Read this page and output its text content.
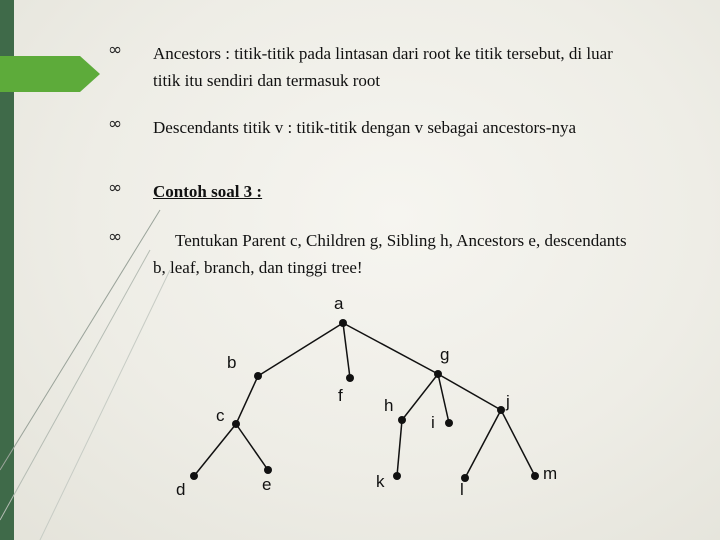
∞ Ancestors : titik-titik pada lintasan dari root ke titik tersebut, di luar
titik itu sendiri dan termasuk root
∞ Descendants titik v : titik-titik dengan v sebagai ancestors-nya
∞ Contoh soal 3 :
∞	Tentukan Parent c, Children g, Sibling h, Ancestors e, descendants
b, leaf, branch, dan tinggi tree!
a
b	g
c
f
h	j
i
d	e	k	l
m
